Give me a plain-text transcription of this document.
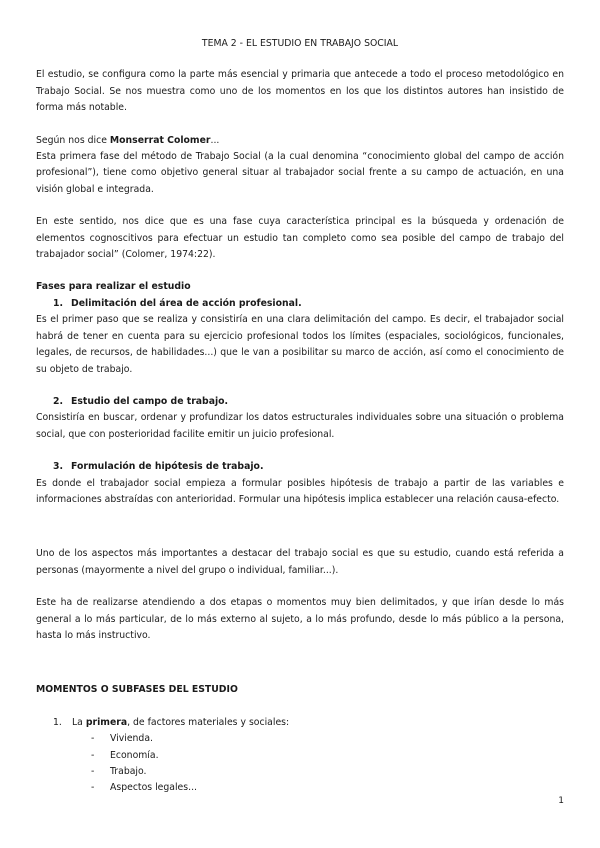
TEMA 2 - EL ESTUDIO EN TRABAJO SOCIAL

El estudio, se configura como la parte más esencial y primaria que antecede a todo el proceso metodológico en Trabajo Social. Se nos muestra como uno de los momentos en los que los distintos autores han insistido de forma más notable.

Según nos dice Monserrat Colomer...

Esta primera fase del método de Trabajo Social (a la cual denomina “conocimiento global del campo de acción profesional”), tiene como objetivo general situar al trabajador social frente a su campo de actuación, en una visión global e integrada.

En este sentido, nos dice que es una fase cuya característica principal es la búsqueda y ordenación de elementos cognoscitivos para efectuar un estudio tan completo como sea posible del campo de trabajo del trabajador social” (Colomer, 1974:22).

Fases para realizar el estudio
1. Delimitación del área de acción profesional.

Es el primer paso que se realiza y consistiría en una clara delimitación del campo. Es decir, el trabajador social habrá de tener en cuenta para su ejercicio profesional todos los límites (espaciales, sociológicos, funcionales, legales, de recursos, de habilidades...) que le van a posibilitar su marco de acción, así como el conocimiento de su objeto de trabajo.

2. Estudio del campo de trabajo.

Consistiría en buscar, ordenar y profundizar los datos estructurales individuales sobre una situación o problema social, que con posterioridad facilite emitir un juicio profesional.

3. Formulación de hipótesis de trabajo.

Es donde el trabajador social empieza a formular posibles hipótesis de trabajo a partir de las variables e informaciones abstraídas con anterioridad. Formular una hipótesis implica establecer una relación causa-efecto.

Uno de los aspectos más importantes a destacar del trabajo social es que su estudio, cuando está referida a personas (mayormente a nivel del grupo o individual, familiar...).

Este ha de realizarse atendiendo a dos etapas o momentos muy bien delimitados, y que irían desde lo más general a lo más particular, de lo más externo al sujeto, a lo más profundo, desde lo más público a la persona, hasta lo más instructivo.

MOMENTOS O SUBFASES DEL ESTUDIO
1.	La primera, de factores materiales y sociales:
-	Vivienda.
-	Economía.
-	Trabajo.
-	Aspectos legales...
1
